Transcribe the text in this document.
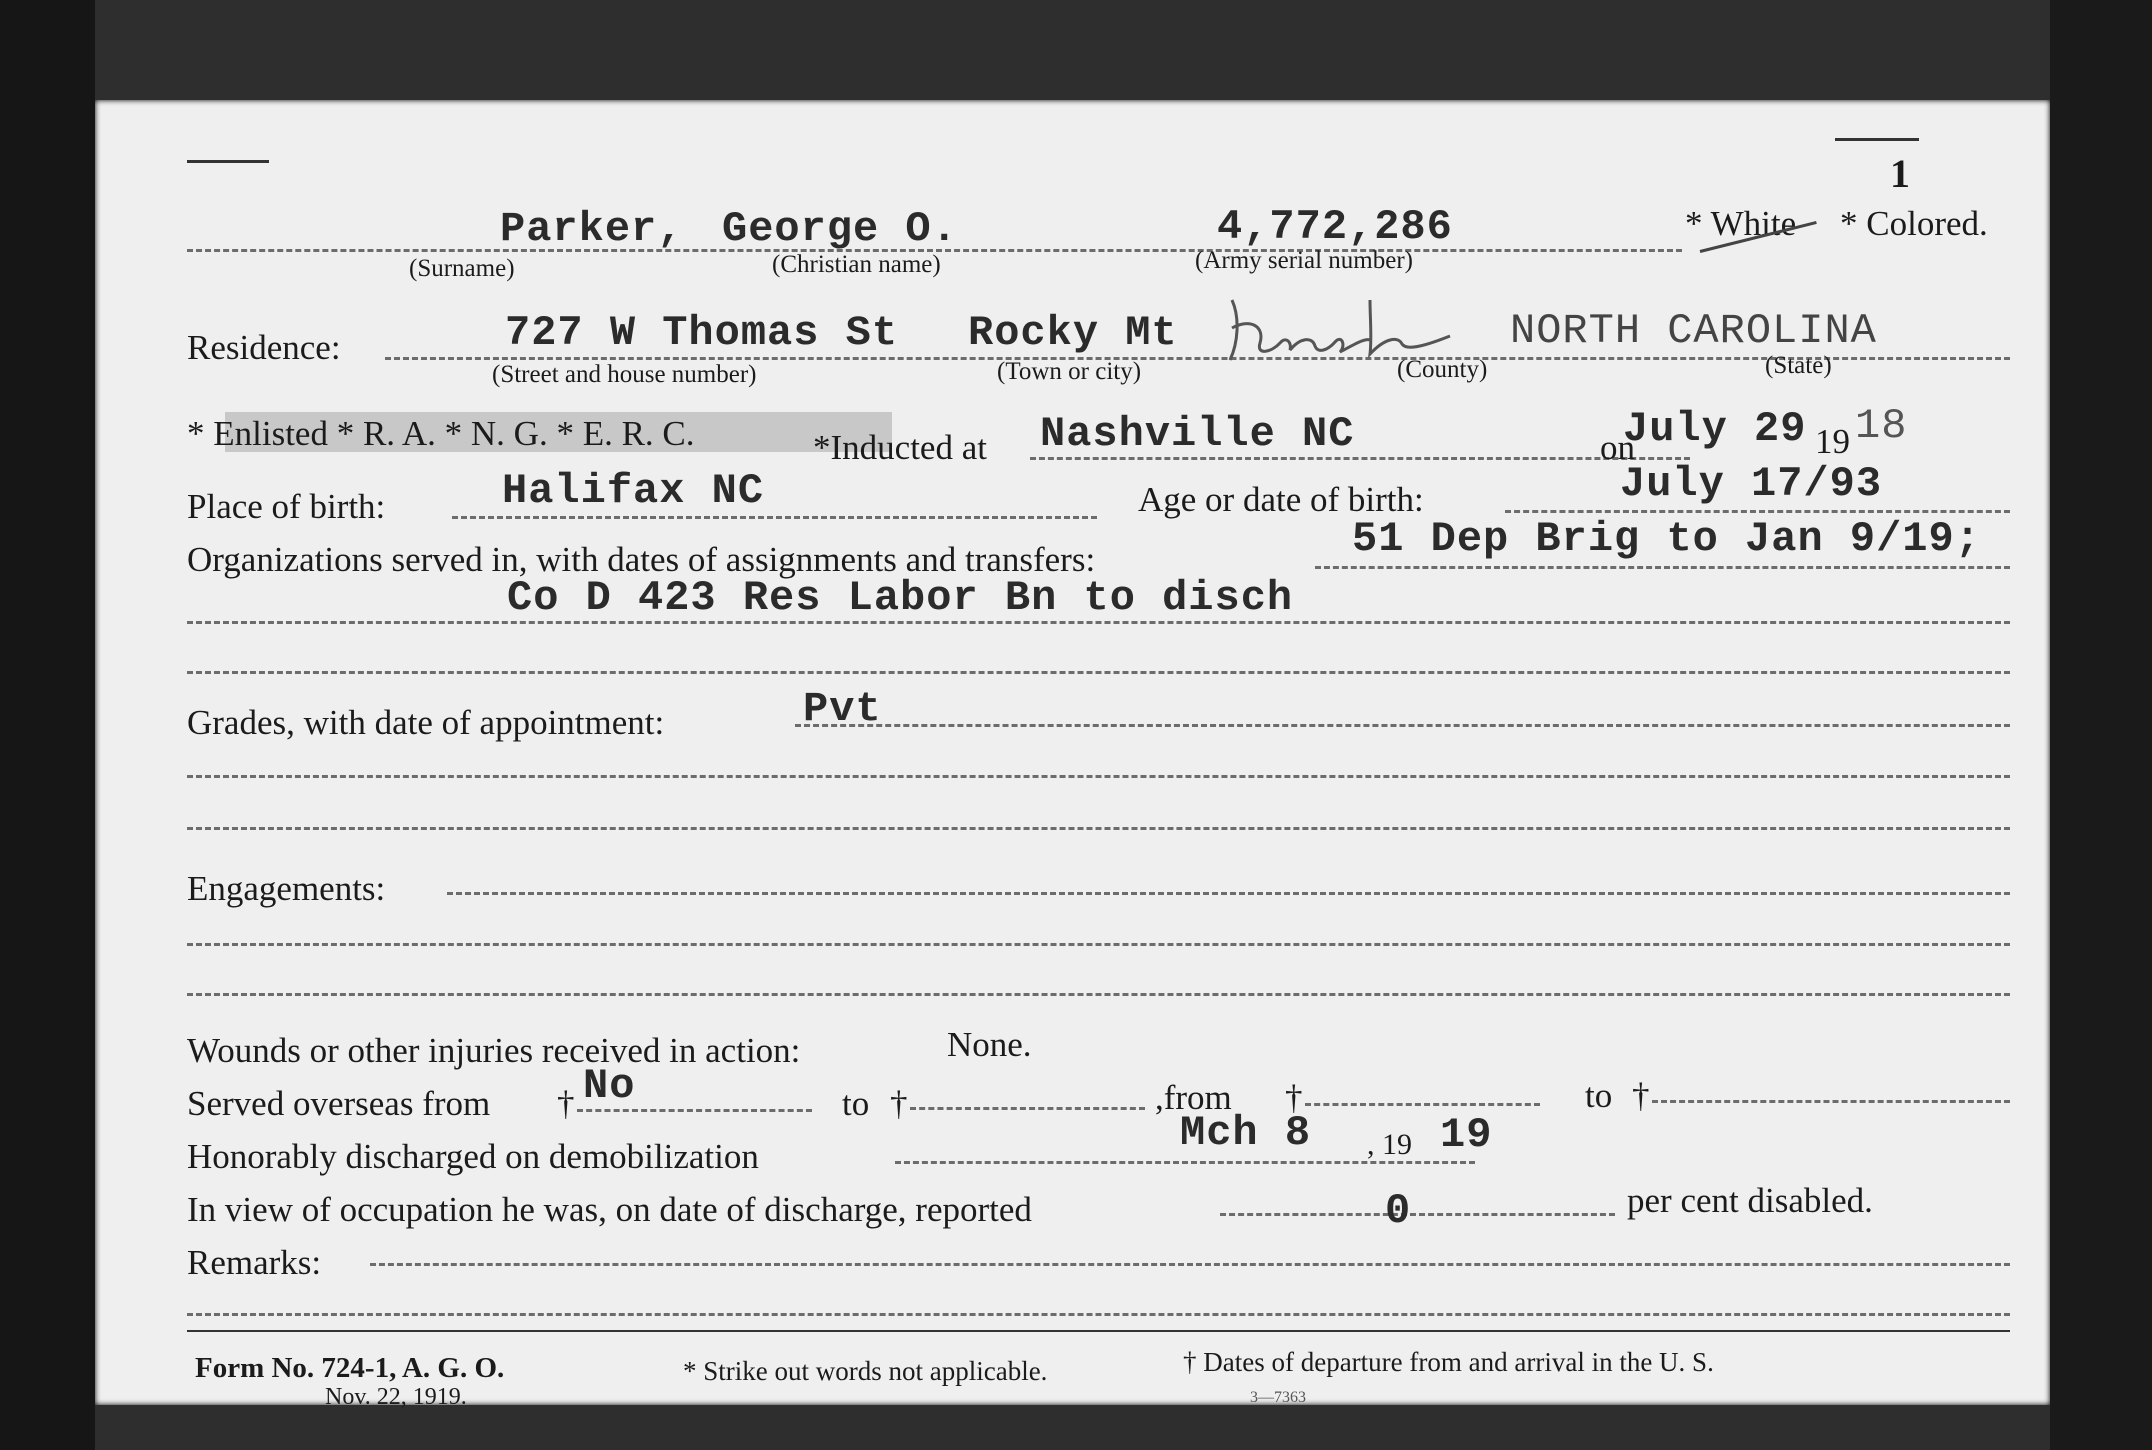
1
Parker, George O.	4,772,286
(Surname)	(Christian name)	(Army serial number)
* White * Colored.
Residence:	727 W Thomas St Rocky Mt	NORTH CAROLINA
(Street and house number)	(Town or city)	(County)	(State)
* Enlisted * R. A. * N. G. * E. R. C.	*Inducted at Nashville NC	on
July 29 19 18
Place of birth:	Halifax NC	Age or date of birth:	July 17/93
Organizations served in, with dates of assignments and transfers:	51 Dep Brig to Jan 9/19;
Co D 423 Res Labor Bn to disch
Grades, with date of appointment:	Pvt
Engagements:
Wounds or other injuries received in action:	None.
Served overseas from † No	to †	,from †	to †
Honorably discharged on demobilization	Mch 8 , 19 19
In view of occupation he was, on date of discharge, reported	0	per cent disabled.
Remarks:
Form No. 724-1, A. G. O.
Nov. 22, 1919.
* Strike out words not applicable.	† Dates of departure from and arrival in the U. S.
3—7363
